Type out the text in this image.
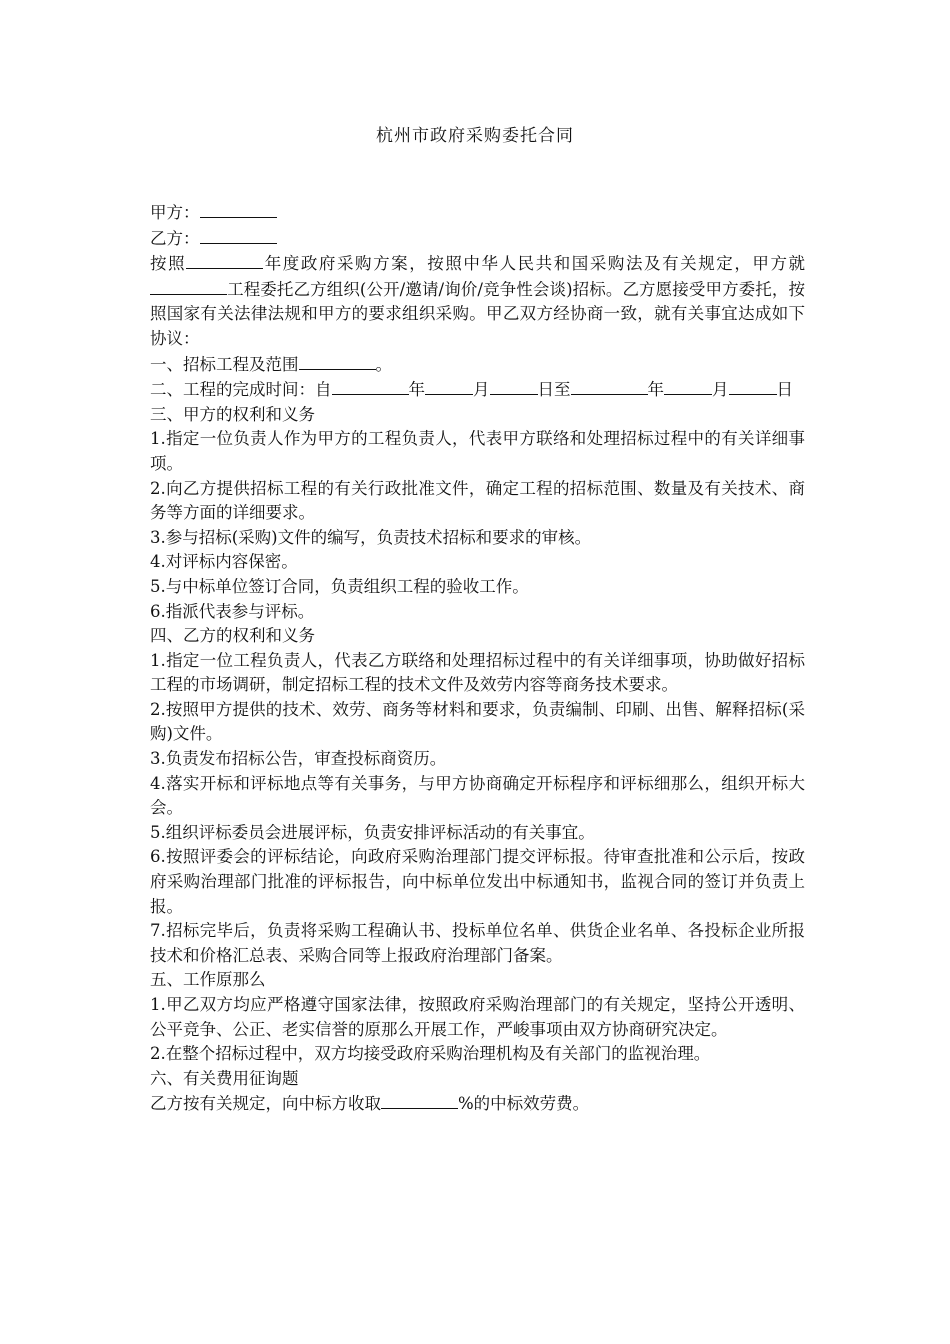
杭州市政府采购委托合同

甲方：

乙方：

按照	年度政府采购方案，按照中华人民共和国采购法及有关规定，甲方就工程委托乙方组织(公开/邀请/询价/竞争性会谈)招标。乙方愿接受甲方委托，按照国家有关法律法规和甲方的要求组织采购。甲乙双方经协商一致，就有关事宜达成如下协议：

一、招标工程及范围	。

二、工程的完成时间：自	年	月	日至	年	月	日

三、甲方的权利和义务

1.指定一位负责人作为甲方的工程负责人，代表甲方联络和处理招标过程中的有关详细事项。

2.向乙方提供招标工程的有关行政批准文件，确定工程的招标范围、数量及有关技术、商务等方面的详细要求。

3.参与招标(采购)文件的编写，负责技术招标和要求的审核。

4.对评标内容保密。

5.与中标单位签订合同，负责组织工程的验收工作。

6.指派代表参与评标。

四、乙方的权利和义务

1.指定一位工程负责人，代表乙方联络和处理招标过程中的有关详细事项，协助做好招标工程的市场调研，制定招标工程的技术文件及效劳内容等商务技术要求。

2.按照甲方提供的技术、效劳、商务等材料和要求，负责编制、印刷、出售、解释招标(采购)文件。

3.负责发布招标公告，审查投标商资历。

4.落实开标和评标地点等有关事务，与甲方协商确定开标程序和评标细那么，组织开标大会。

5.组织评标委员会进展评标，负责安排评标活动的有关事宜。

6.按照评委会的评标结论，向政府采购治理部门提交评标报。待审查批准和公示后，按政府采购治理部门批准的评标报告，向中标单位发出中标通知书，监视合同的签订并负责上报。

7.招标完毕后，负责将采购工程确认书、投标单位名单、供货企业名单、各投标企业所报技术和价格汇总表、采购合同等上报政府治理部门备案。

五、工作原那么

1.甲乙双方均应严格遵守国家法律，按照政府采购治理部门的有关规定，坚持公开透明、公平竞争、公正、老实信誉的原那么开展工作，严峻事项由双方协商研究决定。

2.在整个招标过程中，双方均接受政府采购治理机构及有关部门的监视治理。

六、有关费用征询题

乙方按有关规定，向中标方收取	%的中标效劳费。
